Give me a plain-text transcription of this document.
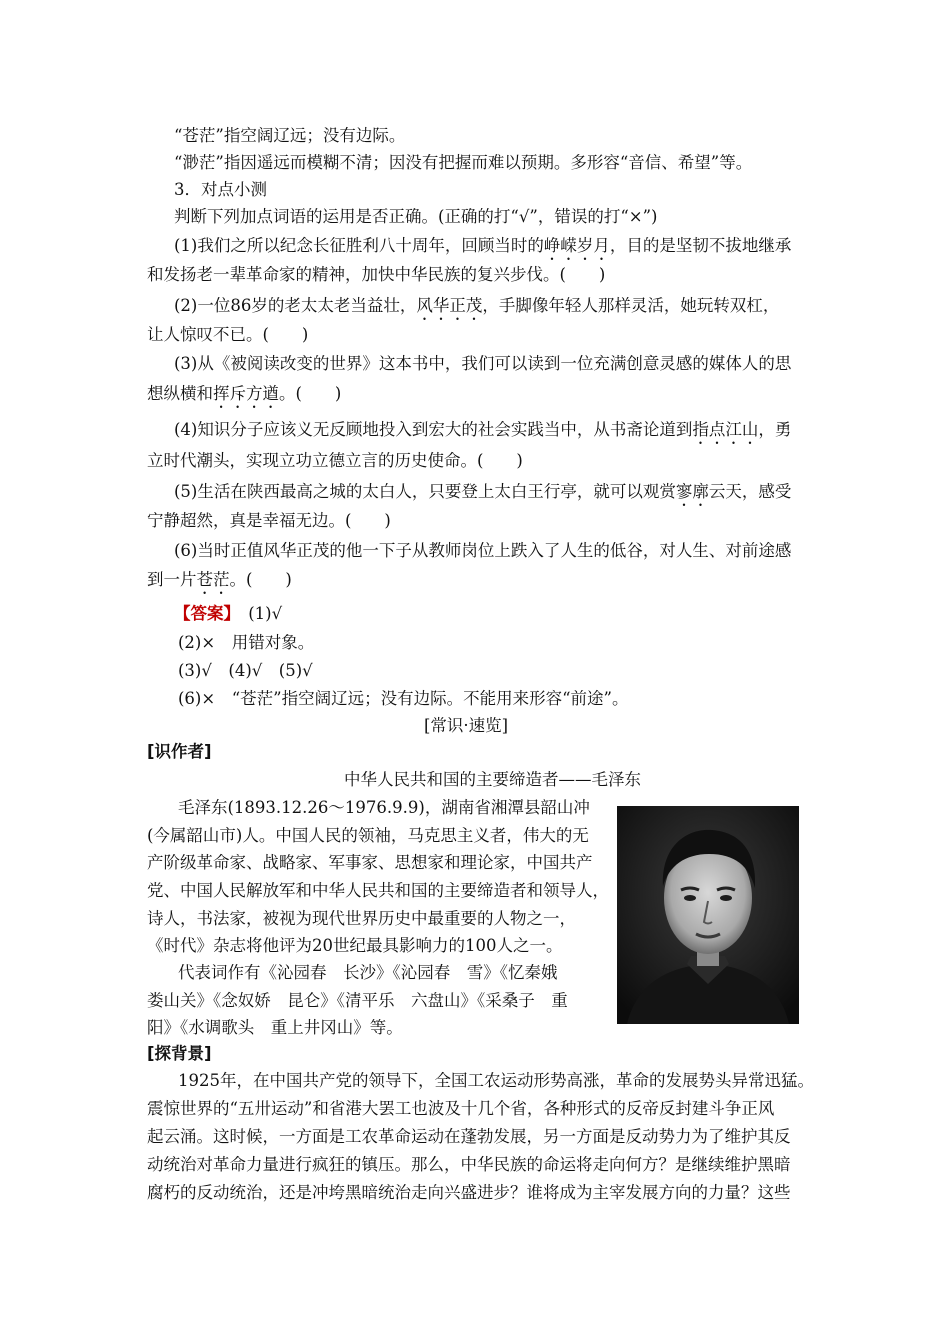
“苍茫”指空阔辽远；没有边际。
“渺茫”指因遥远而模糊不清；因没有把握而难以预期。多形容“音信、希望”等。
3．对点小测
判断下列加点词语的运用是否正确。(正确的打“√”，错误的打“×”)
(1)我们之所以纪念长征胜利八十周年，回顾当时的峥嵘岁月，目的是坚韧不拔地继承
和发扬老一辈革命家的精神，加快中华民族的复兴步伐。(　　)
(2)一位86岁的老太太老当益壮，风华正茂，手脚像年轻人那样灵活，她玩转双杠，
让人惊叹不已。(　　)
(3)从《被阅读改变的世界》这本书中，我们可以读到一位充满创意灵感的媒体人的思
想纵横和挥斥方遒。(　　)
(4)知识分子应该义无反顾地投入到宏大的社会实践当中，从书斋论道到指点江山，勇
立时代潮头，实现立功立德立言的历史使命。(　　)
(5)生活在陕西最高之城的太白人，只要登上太白王行亭，就可以观赏寥廓云天，感受
宁静超然，真是幸福无边。(　　)
(6)当时正值风华正茂的他一下子从教师岗位上跌入了人生的低谷，对人生、对前途感
到一片苍茫。(　　)
【答案】　 (1)√
(2)×　用错对象。
(3)√　(4)√　(5)√
(6)×　“苍茫”指空阔辽远；没有边际。不能用来形容“前途”。
[常识·速览]
[识作者]
中华人民共和国的主要缔造者——毛泽东
毛泽东(1893.12.26～1976.9.9)，湖南省湘潭县韶山冲
(今属韶山市)人。中国人民的领袖，马克思主义者，伟大的无
产阶级革命家、战略家、军事家、思想家和理论家，中国共产
党、中国人民解放军和中华人民共和国的主要缔造者和领导人，
诗人，书法家，被视为现代世界历史中最重要的人物之一，
《时代》杂志将他评为20世纪最具影响力的100人之一。
代表词作有《沁园春　长沙》《沁园春　雪》《忆秦娥
娄山关》《念奴娇　昆仑》《清平乐　六盘山》《采桑子　重
阳》《水调歌头　重上井冈山》等。
[探背景]
1925年，在中国共产党的领导下，全国工农运动形势高涨，革命的发展势头异常迅猛。
震惊世界的“五卅运动”和省港大罢工也波及十几个省，各种形式的反帝反封建斗争正风
起云涌。这时候，一方面是工农革命运动在蓬勃发展，另一方面是反动势力为了维护其反
动统治对革命力量进行疯狂的镇压。那么，中华民族的命运将走向何方？是继续维护黑暗
腐朽的反动统治，还是冲垮黑暗统治走向兴盛进步？谁将成为主宰发展方向的力量？这些
